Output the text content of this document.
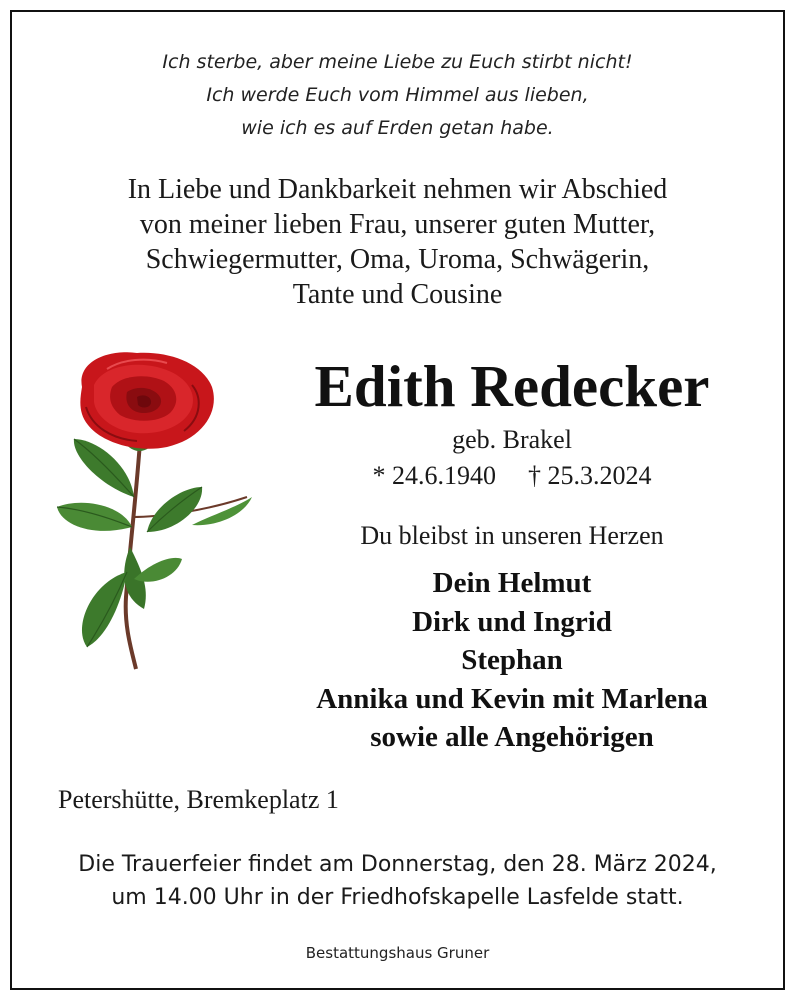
Ich sterbe, aber meine Liebe zu Euch stirbt nicht!
Ich werde Euch vom Himmel aus lieben,
wie ich es auf Erden getan habe.
In Liebe und Dankbarkeit nehmen wir Abschied
von meiner lieben Frau, unserer guten Mutter,
Schwiegermutter, Oma, Uroma, Schwägerin,
Tante und Cousine
Edith Redecker
geb. Brakel
* 24.6.1940 † 25.3.2024
Du bleibst in unseren Herzen
Dein Helmut
Dirk und Ingrid
Stephan
Annika und Kevin mit Marlena
sowie alle Angehörigen
Petershütte, Bremkeplatz 1
Die Trauerfeier findet am Donnerstag, den 28. März 2024,
um 14.00 Uhr in der Friedhofskapelle Lasfelde statt.
Bestattungshaus Gruner
